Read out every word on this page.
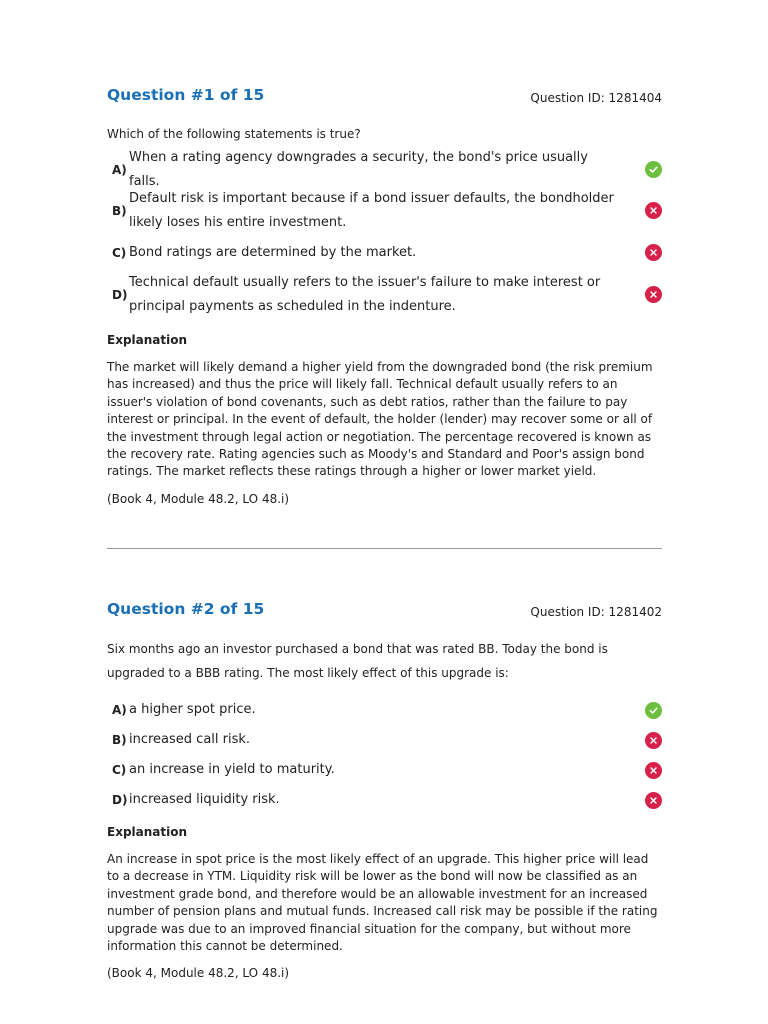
Question #1 of 15	Question ID: 1281404

Which of the following statements is true?

A)
When a rating agency downgrades a security, the bond's price usually falls.
B)
Default risk is important because if a bond issuer defaults, the bondholder likely loses his entire investment.
C) Bond ratings are determined by the market.
D)
Technical default usually refers to the issuer's failure to make interest or principal payments as scheduled in the indenture.

Explanation

The market will likely demand a higher yield from the downgraded bond (the risk premium has increased) and thus the price will likely fall. Technical default usually refers to an issuer's violation of bond covenants, such as debt ratios, rather than the failure to pay interest or principal. In the event of default, the holder (lender) may recover some or all of the investment through legal action or negotiation. The percentage recovered is known as the recovery rate. Rating agencies such as Moody's and Standard and Poor's assign bond ratings. The market reflects these ratings through a higher or lower market yield.

(Book 4, Module 48.2, LO 48.i)

Question #2 of 15	Question ID: 1281402

Six months ago an investor purchased a bond that was rated BB. Today the bond is upgraded to a BBB rating. The most likely effect of this upgrade is:

A) a higher spot price.
B) increased call risk.
C) an increase in yield to maturity.
D) increased liquidity risk.

Explanation

An increase in spot price is the most likely effect of an upgrade. This higher price will lead to a decrease in YTM. Liquidity risk will be lower as the bond will now be classified as an investment grade bond, and therefore would be an allowable investment for an increased number of pension plans and mutual funds. Increased call risk may be possible if the rating upgrade was due to an improved financial situation for the company, but without more information this cannot be determined.

(Book 4, Module 48.2, LO 48.i)
